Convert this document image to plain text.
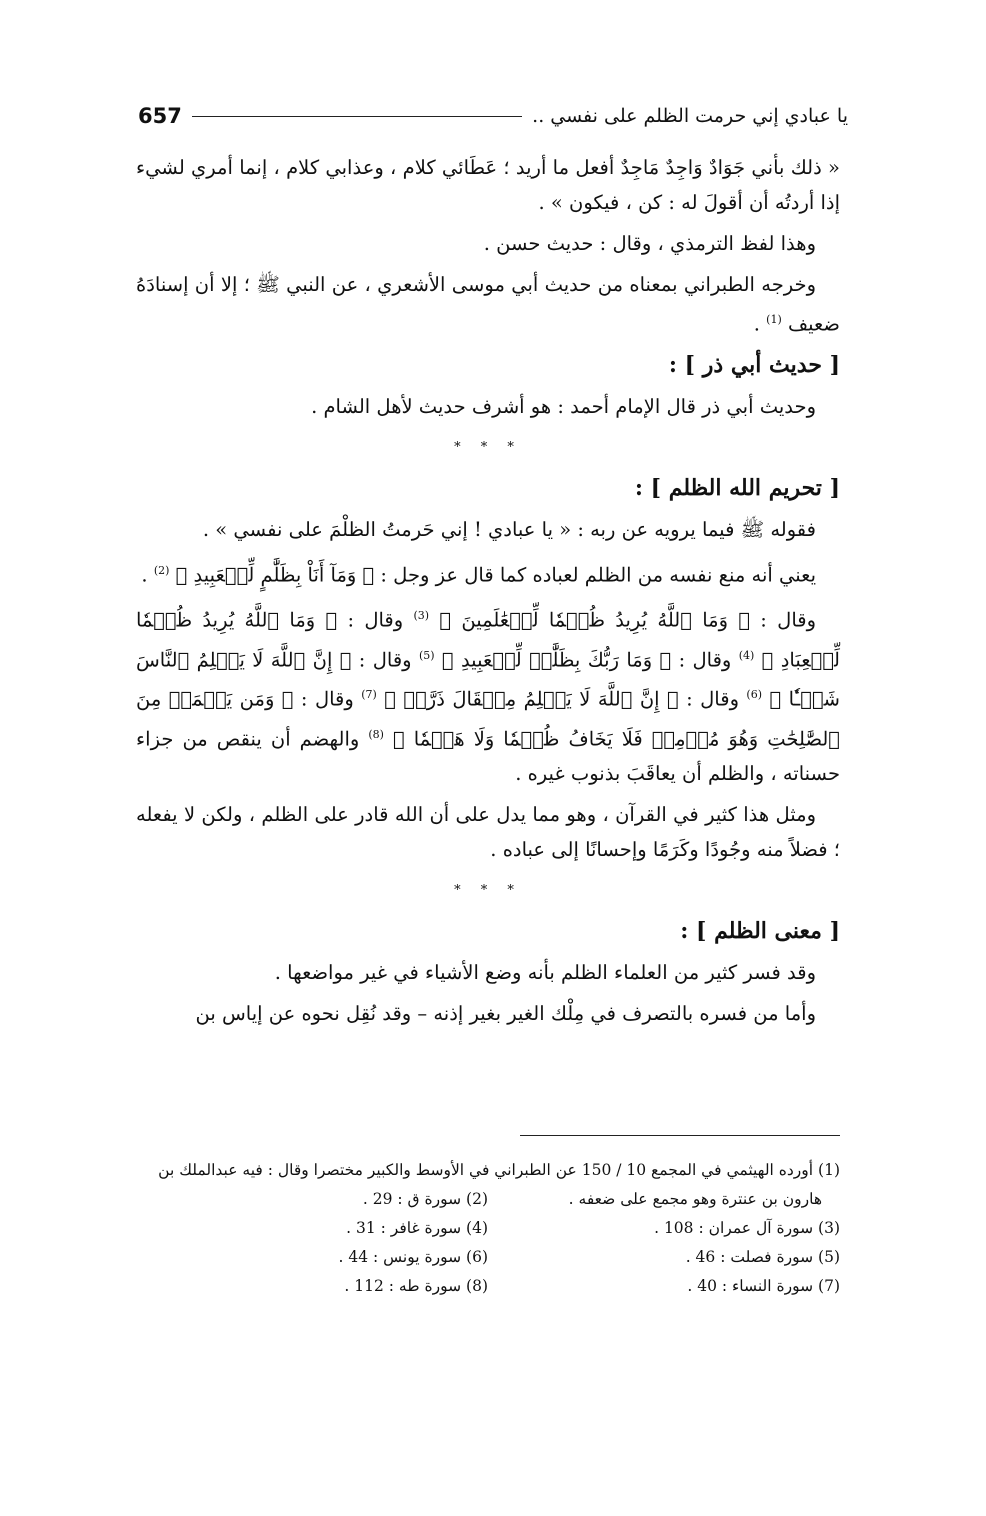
يا عبادي إني حرمت الظلم على نفسي ..
657

« ذلك بأني جَوَادٌ وَاجِدٌ مَاجِدٌ أفعل ما أريد ؛ عَطَائي كلام ، وعذابي كلام ، إنما أمري لشيء إذا أردتُه أن أقولَ له : كن ، فيكون » .

وهذا لفظ الترمذي ، وقال : حديث حسن .

وخرجه الطبراني بمعناه من حديث أبي موسى الأشعري ، عن النبي ﷺ ؛ إلا أن إسنادَهُ ضعيف $^{(1)}$ .

[ حديث أبي ذر ] :

وحديث أبي ذر قال الإمام أحمد : هو أشرف حديث لأهل الشام .

* * *

[ تحريم الله الظلم ] :

فقوله ﷺ فيما يرويه عن ربه : « يا عبادي ! إني حَرمتُ الظلْمَ على نفسي » .

يعني أنه منع نفسه من الظلم لعباده كما قال عز وجل : ﴿ وَمَآ أَنَاْ بِظَلَّٰمٍ لِّلۡعَبِيدِ ﴾ $^{(2)}$ .

وقال : ﴿ وَمَا ٱللَّهُ يُرِيدُ ظُلۡمٗا لِّلۡعَٰلَمِينَ ﴾ $^{(3)}$ وقال : ﴿ وَمَا ٱللَّهُ يُرِيدُ ظُلۡمٗا لِّلۡعِبَادِ ﴾ $^{(4)}$ وقال : ﴿ وَمَا رَبُّكَ بِظَلَّٰمٖ لِّلۡعَبِيدِ ﴾ $^{(5)}$ وقال : ﴿ إِنَّ ٱللَّهَ لَا يَظۡلِمُ ٱلنَّاسَ شَيۡـٔٗا ﴾ $^{(6)}$ وقال : ﴿ إِنَّ ٱللَّهَ لَا يَظۡلِمُ مِثۡقَالَ ذَرَّةٖ ﴾ $^{(7)}$ وقال : ﴿ وَمَن يَعۡمَلۡ مِنَ ٱلصَّٰلِحَٰتِ وَهُوَ مُؤۡمِنٞ فَلَا يَخَافُ ظُلۡمٗا وَلَا هَضۡمٗا ﴾ $^{(8)}$ والهضم أن ينقص من جزاء حسناته ، والظلم أن يعاقَبَ بذنوب غيره .

ومثل هذا كثير في القرآن ، وهو مما يدل على أن الله قادر على الظلم ، ولكن لا يفعله ؛ فضلاً منه وجُودًا وكَرَمًا وإحسانًا إلى عباده .

* * *

[ معنى الظلم ] :

وقد فسر كثير من العلماء الظلم بأنه وضع الأشياء في غير مواضعها .

وأما من فسره بالتصرف في مِلْك الغير بغير إذنه – وقد نُقِل نحوه عن إياس بن

(1) أورده الهيثمي في المجمع 10 / 150 عن الطبراني في الأوسط والكبير مختصرا وقال : فيه عبدالملك بن

هارون بن عنترة وهو مجمع على ضعفه .
(2) سورة ق : 29 .
(3) سورة آل عمران : 108 .
(4) سورة غافر : 31 .
(5) سورة فصلت : 46 .
(6) سورة يونس : 44 .
(7) سورة النساء : 40 .
(8) سورة طه : 112 .
